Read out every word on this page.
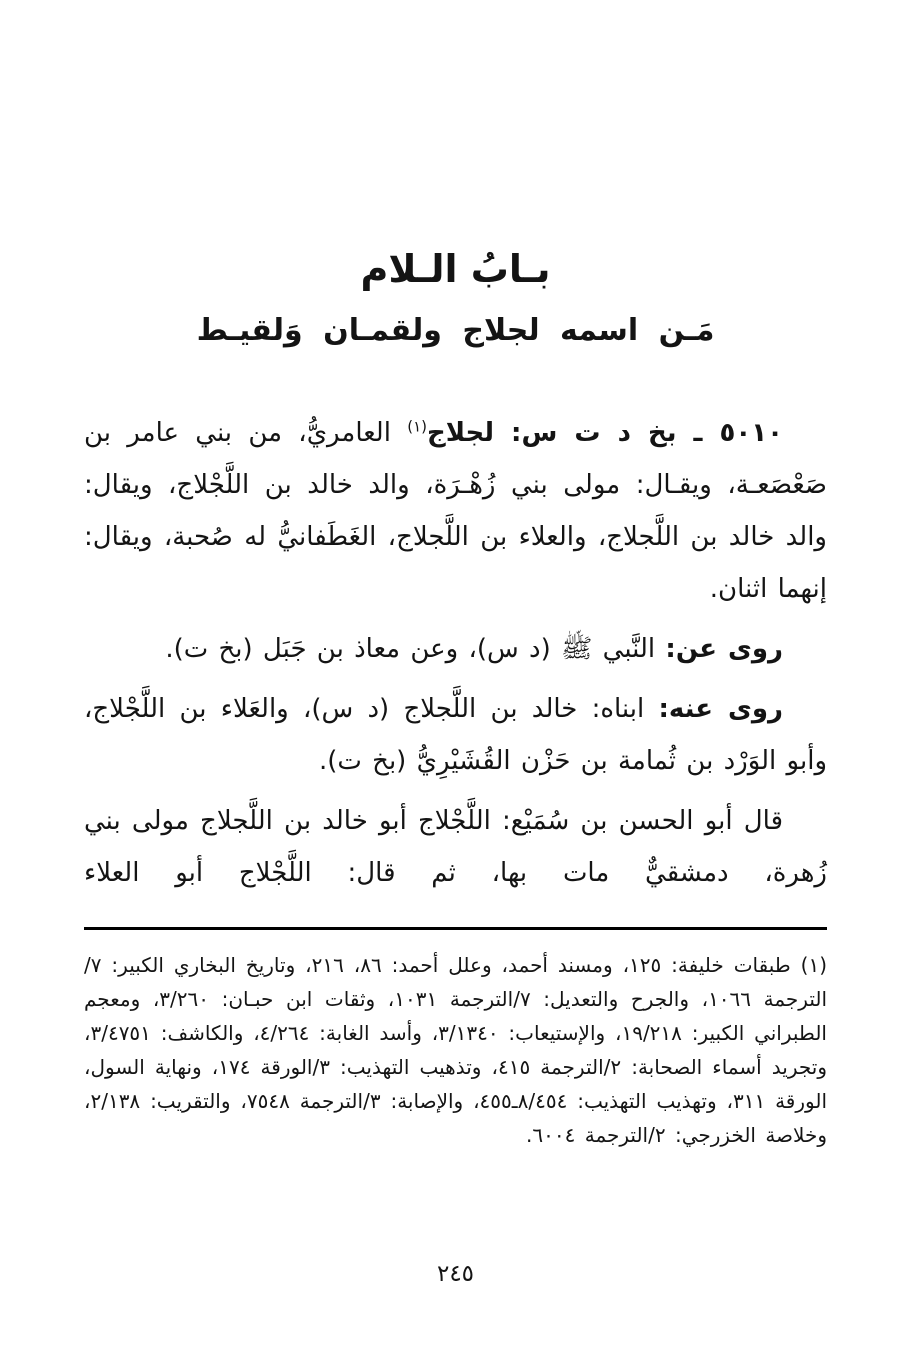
بـابُ الـلام
مَـن اسمه لجلاج ولقمـان وَلقيـط

٥٠١٠ ـ بخ د ت س: لجلاج$^{(١)}$ العامريُّ، من بني عامر بن صَعْصَعـة، ويقـال: مولى بني زُهْـرَة، والد خالد بن اللَّجْلاج، ويقال: والد خالد بن اللَّجلاج، والعلاء بن اللَّجلاج، الغَطَفانيُّ له صُحبة، ويقال: إنهما اثنان.

روى عن: النَّبي ﷺ (د س)، وعن معاذ بن جَبَل (بخ ت).

روى عنه: ابناه: خالد بن اللَّجلاج (د س)، والعَلاء بن اللَّجْلاج، وأبو الوَرْد بن ثُمامة بن حَزْن القُشَيْرِيُّ (بخ ت).

قال أبو الحسن بن سُمَيْع: اللَّجْلاج أبو خالد بن اللَّجلاج مولى بني زُهرة، دمشقيٌّ مات بها، ثم قال: اللَّجْلاج أبو العلاء

(١) طبقات خليفة: ١٢٥، ومسند أحمد، وعلل أحمد: ٨٦، ٢١٦، وتاريخ البخاري الكبير: ٧/الترجمة ١٠٦٦، والجرح والتعديل: ٧/الترجمة ١٠٣١، وثقات ابن حبـان: ٣/٢٦٠، ومعجم الطبراني الكبير: ١٩/٢١٨، والإستيعاب: ٣/١٣٤٠، وأسد الغابة: ٤/٢٦٤، والكاشف: ٣/٤٧٥١، وتجريد أسماء الصحابة: ٢/الترجمة ٤١٥، وتذهيب التهذيب: ٣/الورقة ١٧٤، ونهاية السول، الورقة ٣١١، وتهذيب التهذيب: ٨/٤٥٤ـ٤٥٥، والإصابة: ٣/الترجمة ٧٥٤٨، والتقريب: ٢/١٣٨، وخلاصة الخزرجي: ٢/الترجمة ٦٠٠٤.

٢٤٥
